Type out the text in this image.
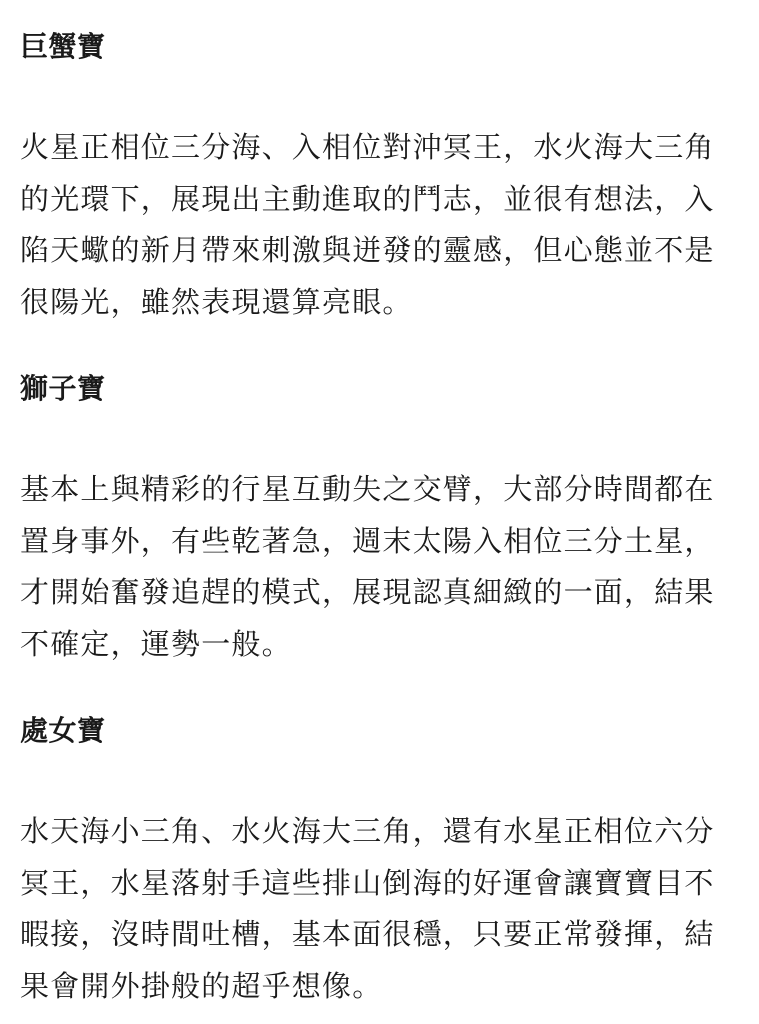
巨蟹寶

火星正相位三分海、入相位對沖冥王，水火海大三角的光環下，展現出主動進取的鬥志，並很有想法，入陷天蠍的新月帶來刺激與迸發的靈感，但心態並不是很陽光，雖然表現還算亮眼。

獅子寶

基本上與精彩的行星互動失之交臂，大部分時間都在置身事外，有些乾著急，週末太陽入相位三分土星，才開始奮發追趕的模式，展現認真細緻的一面，結果不確定，運勢一般。

處女寶

水天海小三角、水火海大三角，還有水星正相位六分冥王，水星落射手這些排山倒海的好運會讓寶寶目不暇接，沒時間吐槽，基本面很穩，只要正常發揮，結果會開外掛般的超乎想像。
